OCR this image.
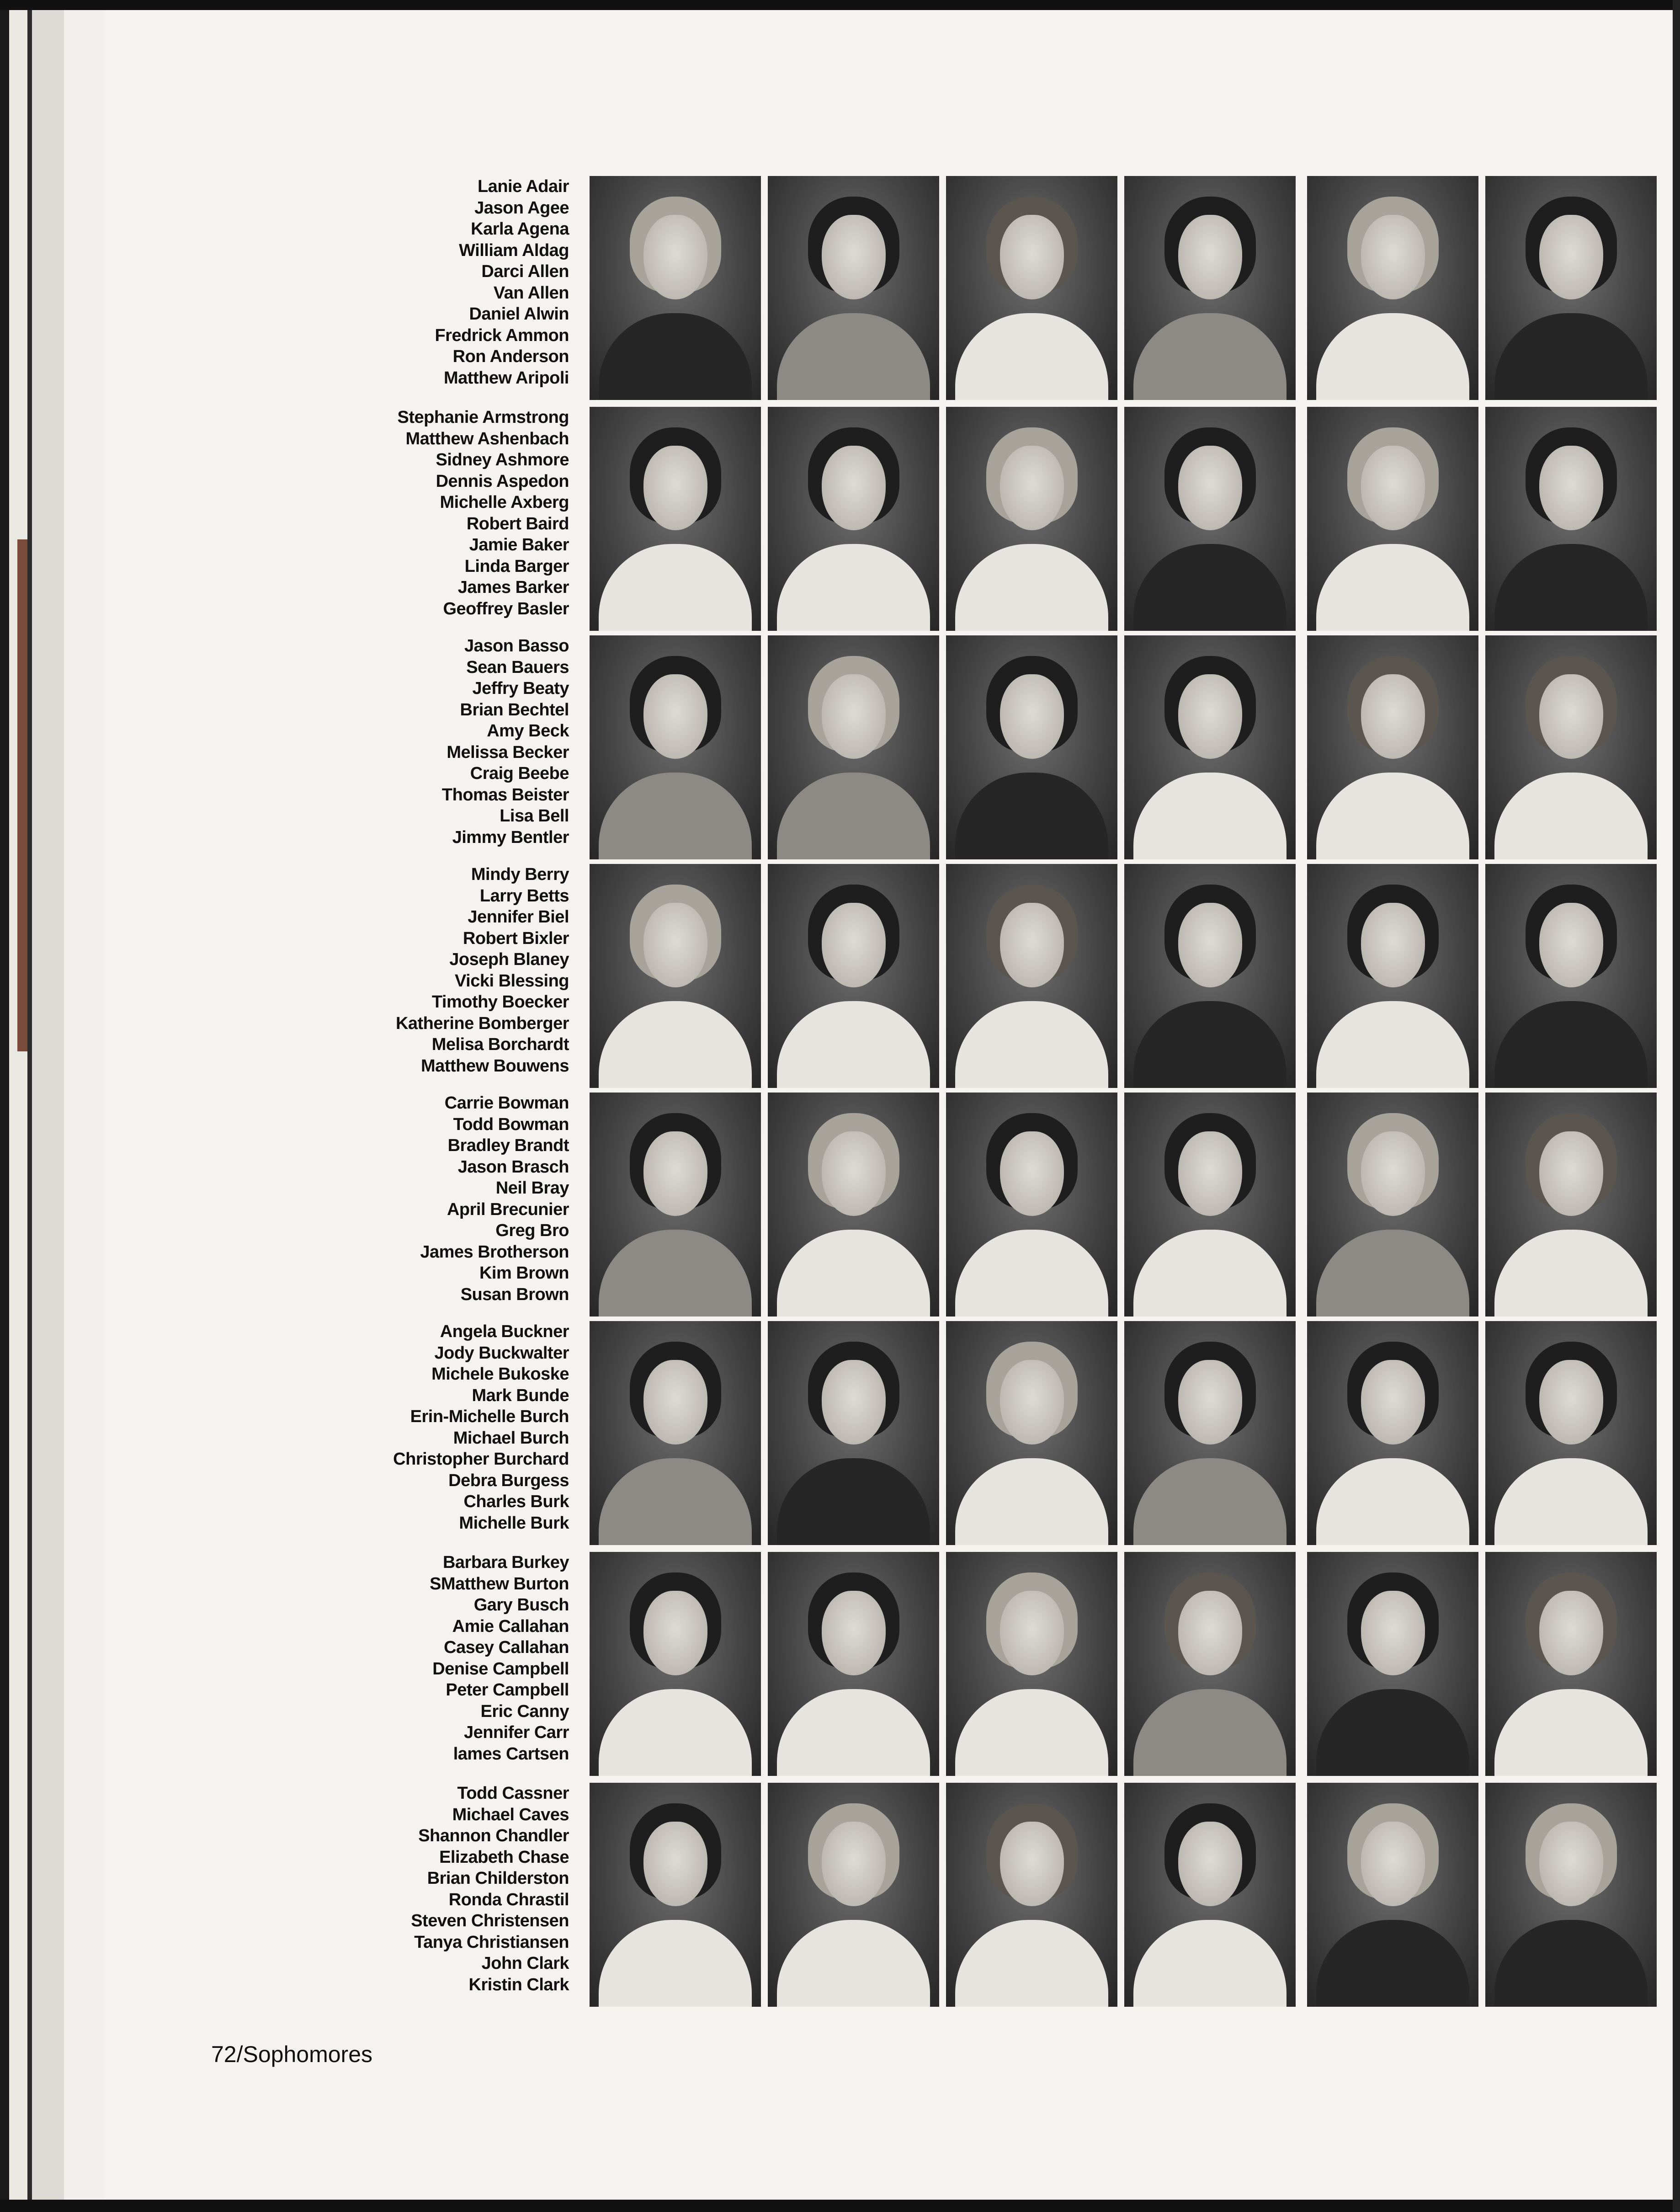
Lanie Adair
Jason Agee
Karla Agena
William Aldag
Darci Allen
Van Allen
Daniel Alwin
Fredrick Ammon
Ron Anderson
Matthew Aripoli
Stephanie Armstrong
Matthew Ashenbach
Sidney Ashmore
Dennis Aspedon
Michelle Axberg
Robert Baird
Jamie Baker
Linda Barger
James Barker
Geoffrey Basler
Jason Basso
Sean Bauers
Jeffry Beaty
Brian Bechtel
Amy Beck
Melissa Becker
Craig Beebe
Thomas Beister
Lisa Bell
Jimmy Bentler
Mindy Berry
Larry Betts
Jennifer Biel
Robert Bixler
Joseph Blaney
Vicki Blessing
Timothy Boecker
Katherine Bomberger
Melisa Borchardt
Matthew Bouwens
Carrie Bowman
Todd Bowman
Bradley Brandt
Jason Brasch
Neil Bray
April Brecunier
Greg Bro
James Brotherson
Kim Brown
Susan Brown
Angela Buckner
Jody Buckwalter
Michele Bukoske
Mark Bunde
Erin-Michelle Burch
Michael Burch
Christopher Burchard
Debra Burgess
Charles Burk
Michelle Burk
Barbara Burkey
SMatthew Burton
Gary Busch
Amie Callahan
Casey Callahan
Denise Campbell
Peter Campbell
Eric Canny
Jennifer Carr
lames Cartsen
Todd Cassner
Michael Caves
Shannon Chandler
Elizabeth Chase
Brian Childerston
Ronda Chrastil
Steven Christensen
Tanya Christiansen
John Clark
Kristin Clark
72/Sophomores
